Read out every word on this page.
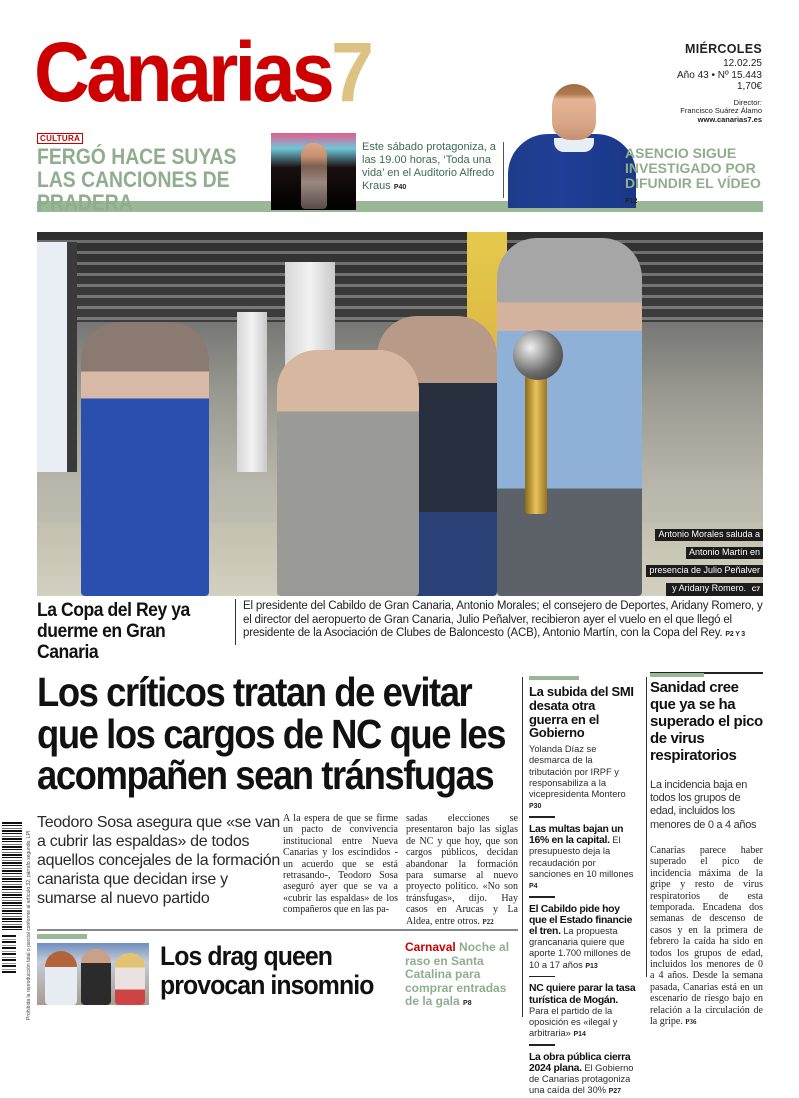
Canarias7	MIÉRCOLES
12.02.25
Año 43 • Nº 15.443
1,70€
Director:
Francisco Suárez Álamo
www.canarias7.es
CULTURA
FERGÓ HACE SUYAS LAS CANCIONES DE PRADERA
Este sábado protagoniza, a las 19.00 horas, ‘Toda una vida’ en el Auditorio Alfredo Kraus P40
ASENCIO SIGUE INVESTIGADO POR DIFUNDIR EL VÍDEO P12
Antonio Morales saluda a
Antonio Martín en
presencia de Julio Peñalver
y Aridany Romero. C7
La Copa del Rey ya duerme en Gran Canaria
El presidente del Cabildo de Gran Canaria, Antonio Morales; el consejero de Deportes, Aridany Romero, y el director del aeropuerto de Gran Canaria, Julio Peñalver, recibieron ayer el vuelo en el que llegó el presidente de la Asociación de Clubes de Baloncesto (ACB), Antonio Martín, con la Copa del Rey. P2 Y 3
Los críticos tratan de evitar
que los cargos de NC que les
acompañen sean tránsfugas
Teodoro Sosa asegura que «se van a cubrir las espaldas» de todos aquellos concejales de la formación canarista que decidan irse y sumarse al nuevo partido
A la espera de que se firme un pacto de convivencia institucional entre Nueva Canarias y los escindidos -un acuerdo que se está retrasando-, Teodoro Sosa aseguró ayer que se va a «cubrir las espaldas» de los compañeros que en las pa-
sadas elecciones se presentaron bajo las siglas de NC y que hoy, que son cargos públicos, decidan abandonar la formación para sumarse al nuevo proyecto político. «No son tránsfugas», dijo. Hay casos en Arucas y La Aldea, entre otros. P22
Los drag queen provocan insomnio
Carnaval Noche al raso en Santa Catalina para comprar entradas de la gala P8
La subida del SMI desata otra guerra en el Gobierno
Yolanda Díaz se desmarca de la tributación por IRPF y responsabiliza a la vicepresidenta Montero P30
Las multas bajan un 16% en la capital. El presupuesto deja la recaudación por sanciones en 10 millones P4
El Cabildo pide hoy que el Estado financie el tren. La propuesta grancanaria quiere que aporte 1.700 millones de 10 a 17 años P13
NC quiere parar la tasa turística de Mogán. Para el partido de la oposición es «ilegal y arbitraria» P14
La obra pública cierra 2024 plana. El Gobierno de Canarias protagoniza una caída del 30% P27
Sanidad cree que ya se ha superado el pico de virus respiratorios
La incidencia baja en todos los grupos de edad, incluidos los menores de 0 a 4 años
Canarias parece haber superado el pico de incidencia máxima de la gripe y resto de virus respiratorios de esta temporada. Encadena dos semanas de descenso de casos y en la primera de febrero la caída ha sido en todos los grupos de edad, incluidos los menores de 0 a 4 años. Desde la semana pasada, Canarias está en un escenario de riesgo bajo en relación a la circulación de la gripe. P36
Prohibida la reproducción total o parcial conforme al artículo 32, párrafo segundo, LPI.
